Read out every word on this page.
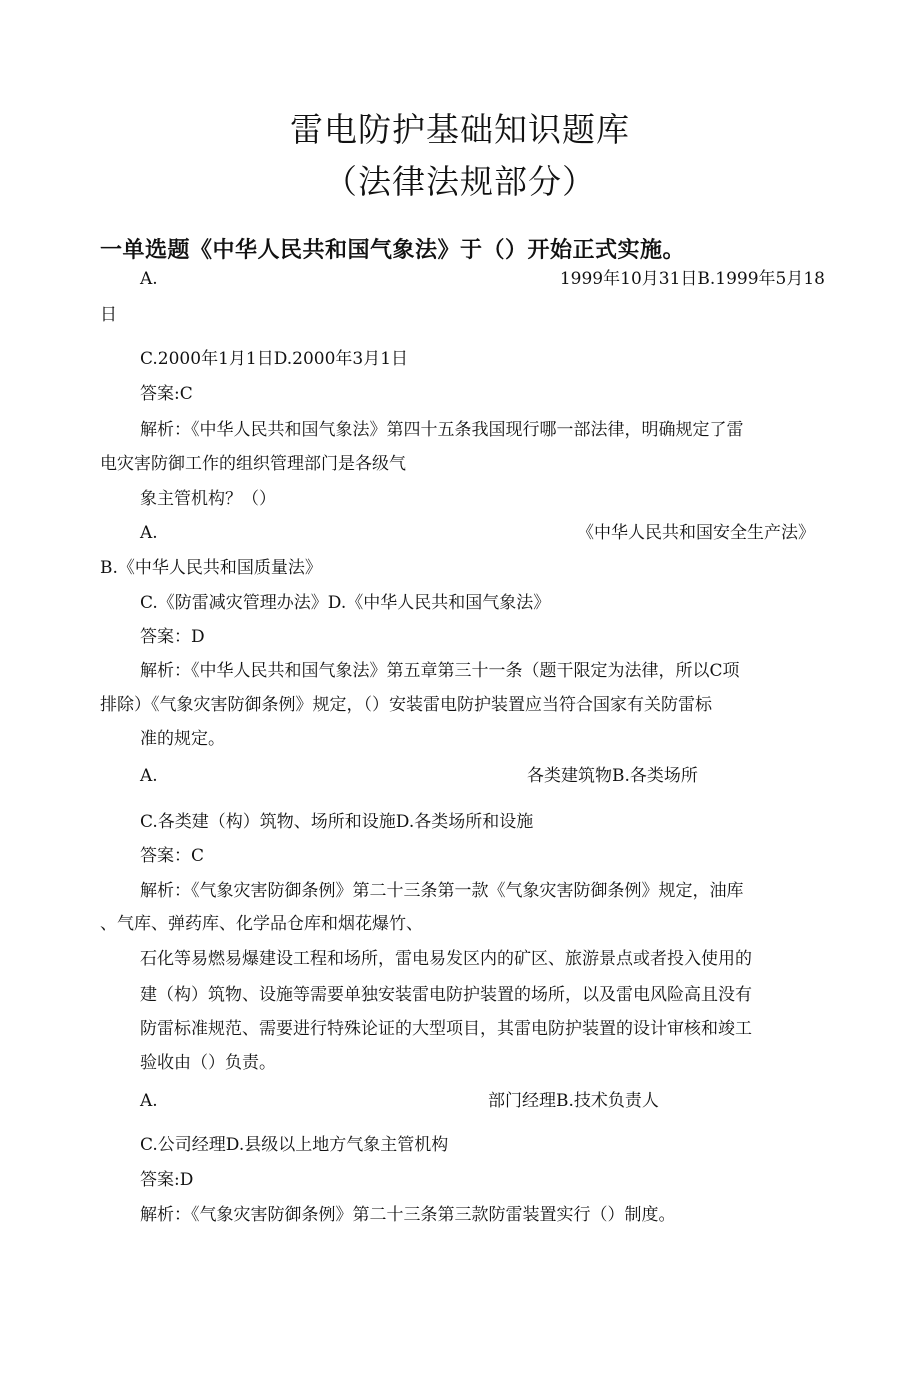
雷电防护基础知识题库
（法律法规部分）
一单选题《中华人民共和国气象法》于（）开始正式实施。
A.	1999年10月31日B.1999年5月18
日
C.2000年1月1日D.2000年3月1日
答案:C
解析：《中华人民共和国气象法》第四十五条我国现行哪一部法律，明确规定了雷
电灾害防御工作的组织管理部门是各级气
象主管机构？（）
A.	《中华人民共和国安全生产法》
B.《中华人民共和国质量法》
C.《防雷减灾管理办法》D.《中华人民共和国气象法》
答案：D
解析：《中华人民共和国气象法》第五章第三十一条（题干限定为法律，所以C项
排除）《气象灾害防御条例》规定，（）安装雷电防护装置应当符合国家有关防雷标
准的规定。
A.	各类建筑物B.各类场所
C.各类建（构）筑物、场所和设施D.各类场所和设施
答案：C
解析：《气象灾害防御条例》第二十三条第一款《气象灾害防御条例》规定，油库
、气库、弹药库、化学品仓库和烟花爆竹、
石化等易燃易爆建设工程和场所，雷电易发区内的矿区、旅游景点或者投入使用的
建（构）筑物、设施等需要单独安装雷电防护装置的场所，以及雷电风险高且没有
防雷标准规范、需要进行特殊论证的大型项目，其雷电防护装置的设计审核和竣工
验收由（）负责。
A.	部门经理B.技术负责人
C.公司经理D.县级以上地方气象主管机构
答案:D
解析：《气象灾害防御条例》第二十三条第三款防雷装置实行（）制度。
